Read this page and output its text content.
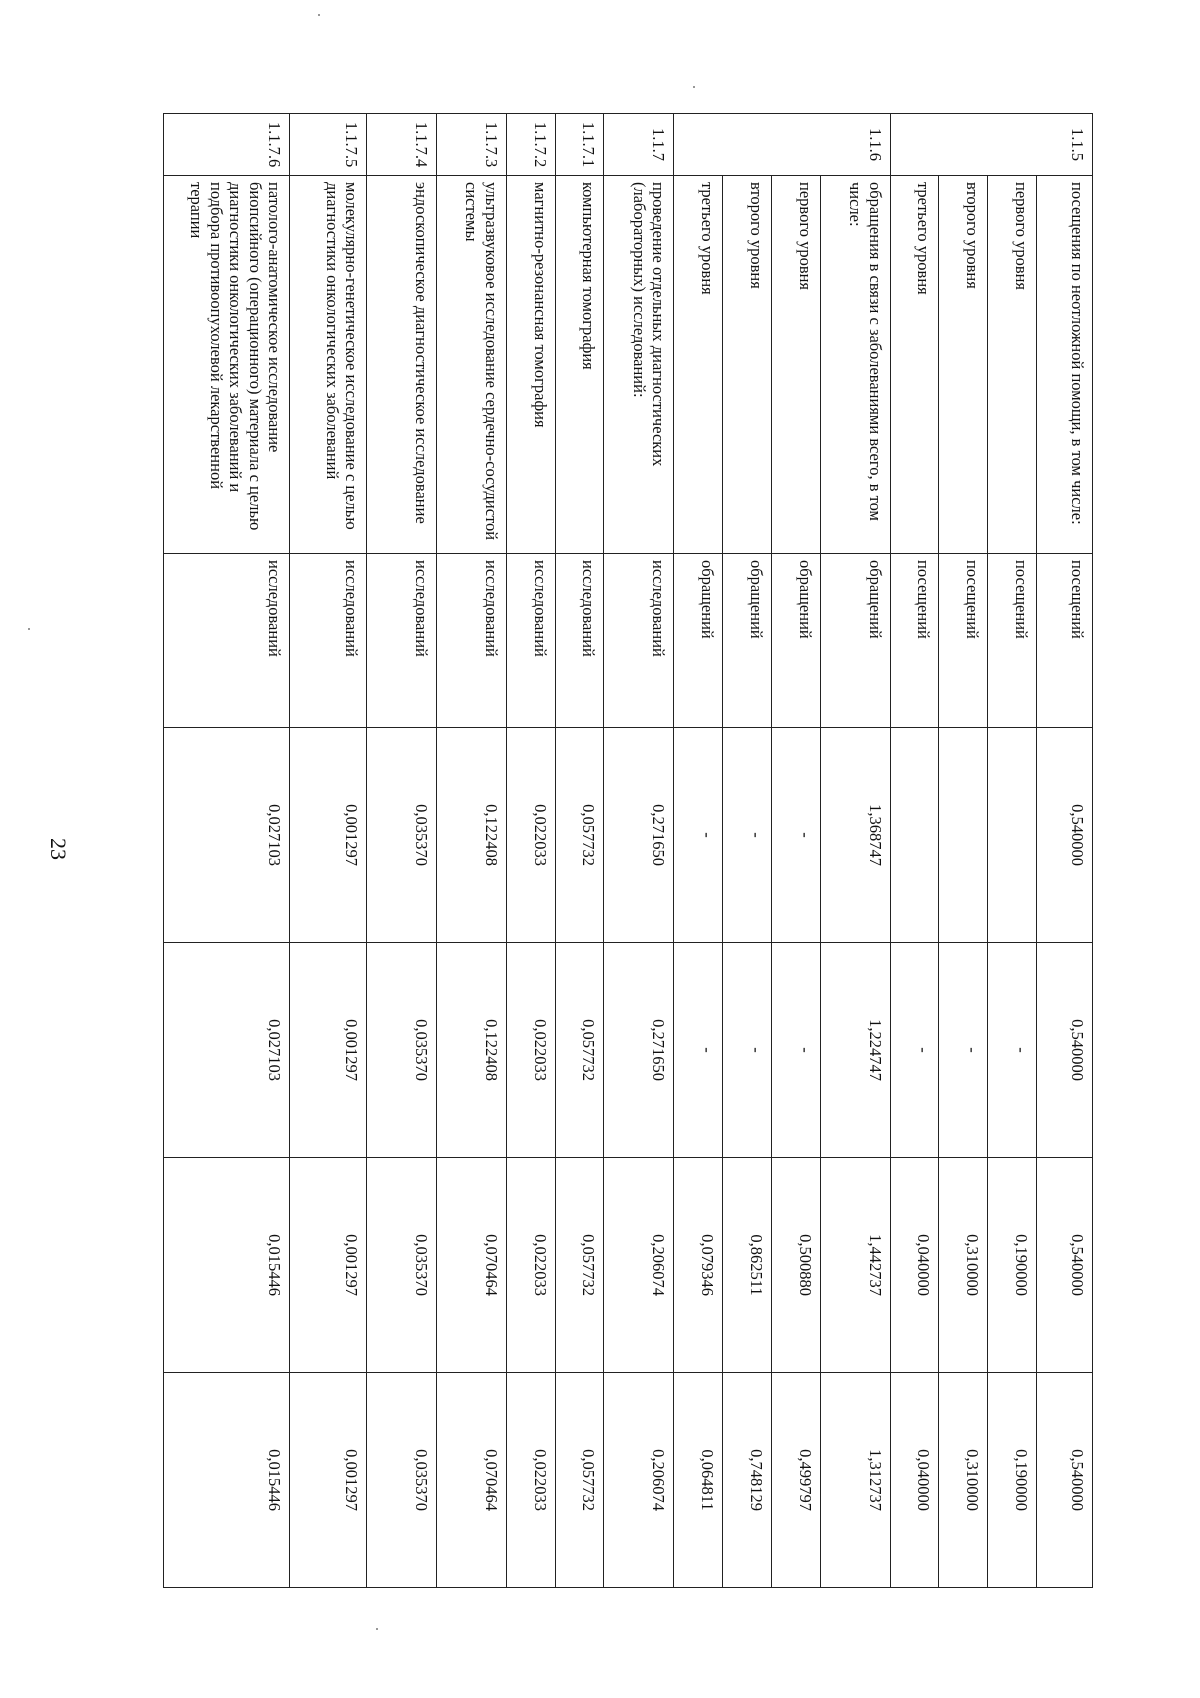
23
1.1.5	посещения по неотложной помощи, в том числе:	посещений	0,540000	0,540000	0,540000	0,540000
	первого уровня	посещений		-	0,190000	0,190000
	второго уровня	посещений		-	0,310000	0,310000
	третьего уровня	посещений		-	0,040000	0,040000
1.1.6	обращения в связи с заболеваниями всего, в том числе:	обращений	1,368747	1,224747	1,442737	1,312737
	первого уровня	обращений	-	-	0,500880	0,499797
	второго уровня	обращений	-	-	0,862511	0,748129
	третьего уровня	обращений	-	-	0,079346	0,064811
1.1.7	проведение отдельных диагностических (лабораторных) исследований:	исследований	0,271650	0,271650	0,206074	0,206074
1.1.7.1	компьютерная томография	исследований	0,057732	0,057732	0,057732	0,057732
1.1.7.2	магнитно-резонансная томография	исследований	0,022033	0,022033	0,022033	0,022033
1.1.7.3	ультразвуковое исследование сердечно-сосудистой системы	исследований	0,122408	0,122408	0,070464	0,070464
1.1.7.4	эндоскопическое диагностическое исследование	исследований	0,035370	0,035370	0,035370	0,035370
1.1.7.5	молекулярно-генетическое исследование с целью диагностики онкологических заболеваний	исследований	0,001297	0,001297	0,001297	0,001297
1.1.7.6	патолого-анатомическое исследование биопсийного (операционного) материала с целью диагностики онкологических заболеваний и подбора противоопухолевой лекарственной терапии	исследований	0,027103	0,027103	0,015446	0,015446
